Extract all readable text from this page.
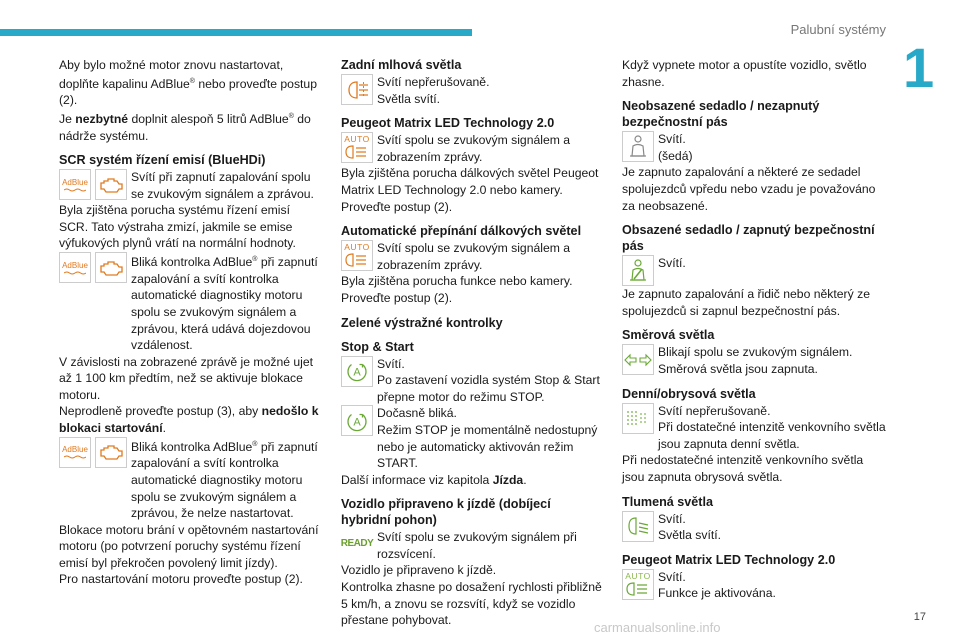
Palubní systémy
1

Aby bylo možné motor znovu nastartovat, doplňte kapalinu AdBlue® nebo proveďte postup (2).

Je nezbytné doplnit alespoň 5 litrů AdBlue® do nádrže systému.

SCR systém řízení emisí (BlueHDi)
AdBlue	Svítí při zapnutí zapalování spolu se zvukovým signálem a zprávou.

Byla zjištěna porucha systému řízení emisí SCR. Tato výstraha zmizí, jakmile se emise výfukových plynů vrátí na normální hodnoty.

AdBlue	Bliká kontrolka AdBlue® při zapnutí zapalování a svítí kontrolka automatické diagnostiky motoru spolu se zvukovým signálem a zprávou, která udává dojezdovou vzdálenost.

V závislosti na zobrazené zprávě je možné ujet až 1 100 km předtím, než se aktivuje blokace motoru.

Neprodleně proveďte postup (3), aby nedošlo k blokaci startování.

AdBlue	Bliká kontrolka AdBlue® při zapnutí zapalování a svítí kontrolka automatické diagnostiky motoru spolu se zvukovým signálem a zprávou, že nelze nastartovat.

Blokace motoru brání v opětovném nastartování motoru (po potvrzení poruchy systému řízení emisí byl překročen povolený limit jízdy).

Pro nastartování motoru proveďte postup (2).

Zadní mlhová světla
Svítí nepřerušovaně.
Světla svítí.
Peugeot Matrix LED Technology 2.0
AUTO Svítí spolu se zvukovým signálem a zobrazením zprávy.

Byla zjištěna porucha dálkových světel Peugeot Matrix LED Technology 2.0 nebo kamery. Proveďte postup (2).

Automatické přepínání dálkových světel
AUTO Svítí spolu se zvukovým signálem a zobrazením zprávy.

Byla zjištěna porucha funkce nebo kamery. Proveďte postup (2).

Zelené výstražné kontrolky
Stop & Start
A
Svítí.
Po zastavení vozidla systém Stop & Start přepne motor do režimu STOP.
A
Dočasně bliká.
Režim STOP je momentálně nedostupný nebo je automaticky aktivován režim START.

Další informace viz kapitola Jízda.

Vozidlo připraveno k jízdě (dobíjecí hybridní pohon)
READY Svítí spolu se zvukovým signálem při rozsvícení.

Vozidlo je připraveno k jízdě.

Kontrolka zhasne po dosažení rychlosti přibližně 5 km/h, a znovu se rozsvítí, když se vozidlo přestane pohybovat.

Když vypnete motor a opustíte vozidlo, světlo zhasne.

Neobsazené sedadlo / nezapnutý bezpečnostní pás
Svítí.
(šedá)

Je zapnuto zapalování a některé ze sedadel spolujezdců vpředu nebo vzadu je považováno za neobsazené.

Obsazené sedadlo / zapnutý bezpečnostní pás
Svítí.

Je zapnuto zapalování a řidič nebo některý ze spolujezdců si zapnul bezpečnostní pás.

Směrová světla
Blikají spolu se zvukovým signálem.
Směrová světla jsou zapnuta.
Denní/obrysová světla
Svítí nepřerušovaně.
Při dostatečné intenzitě venkovního světla jsou zapnuta denní světla.

Při nedostatečné intenzitě venkovního světla jsou zapnuta obrysová světla.

Tlumená světla
Svítí.
Světla svítí.
Peugeot Matrix LED Technology 2.0
AUTO Svítí.
Funkce je aktivována.
17
carmanualsonline.info
